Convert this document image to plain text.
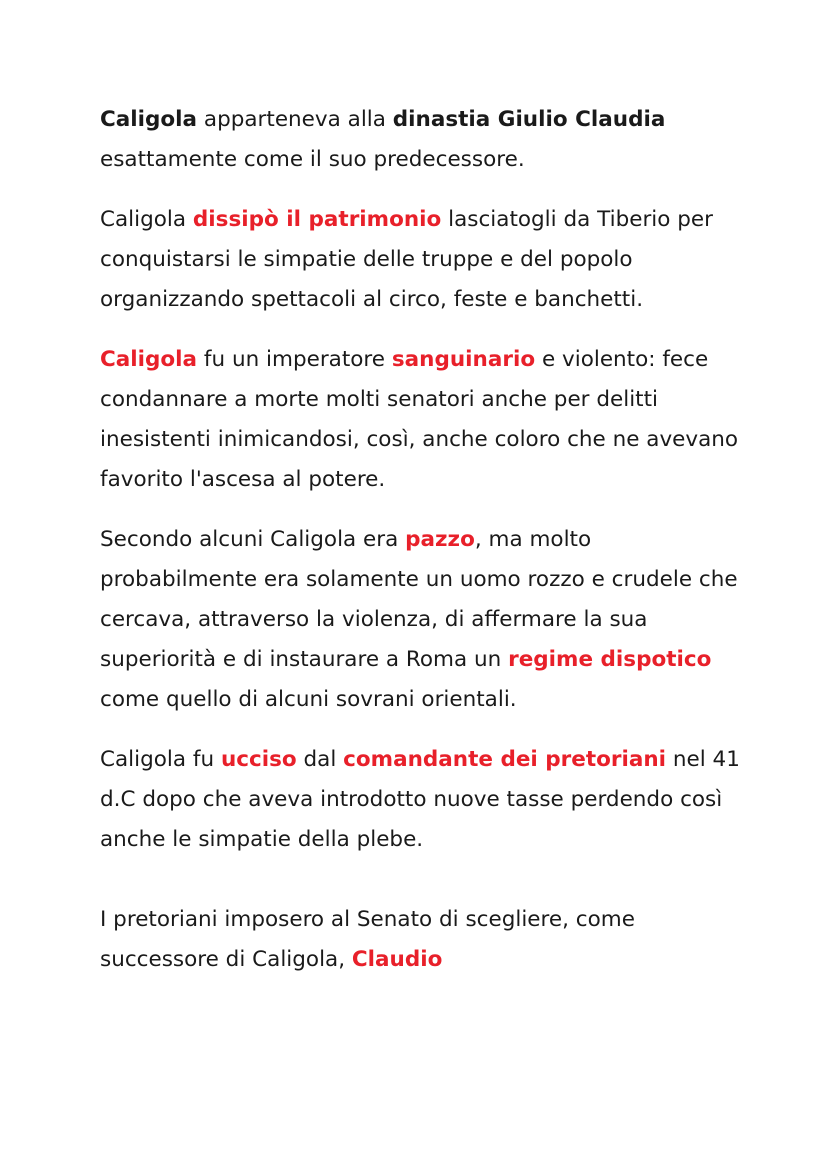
Caligola apparteneva alla dinastia Giulio Claudia esattamente come il suo predecessore.

Caligola dissipò il patrimonio lasciatogli da Tiberio per conquistarsi le simpatie delle truppe e del popolo organizzando spettacoli al circo, feste e banchetti.

Caligola fu un imperatore sanguinario e violento: fece condannare a morte molti senatori anche per delitti inesistenti inimicandosi, così, anche coloro che ne avevano favorito l'ascesa al potere.

Secondo alcuni Caligola era pazzo, ma molto probabilmente era solamente un uomo rozzo e crudele che cercava, attraverso la violenza, di affermare la sua superiorità e di instaurare a Roma un regime dispotico come quello di alcuni sovrani orientali.

Caligola fu ucciso dal comandante dei pretoriani nel 41 d.C dopo che aveva introdotto nuove tasse perdendo così anche le simpatie della plebe.

I pretoriani imposero al Senato di scegliere, come successore di Caligola, Claudio
